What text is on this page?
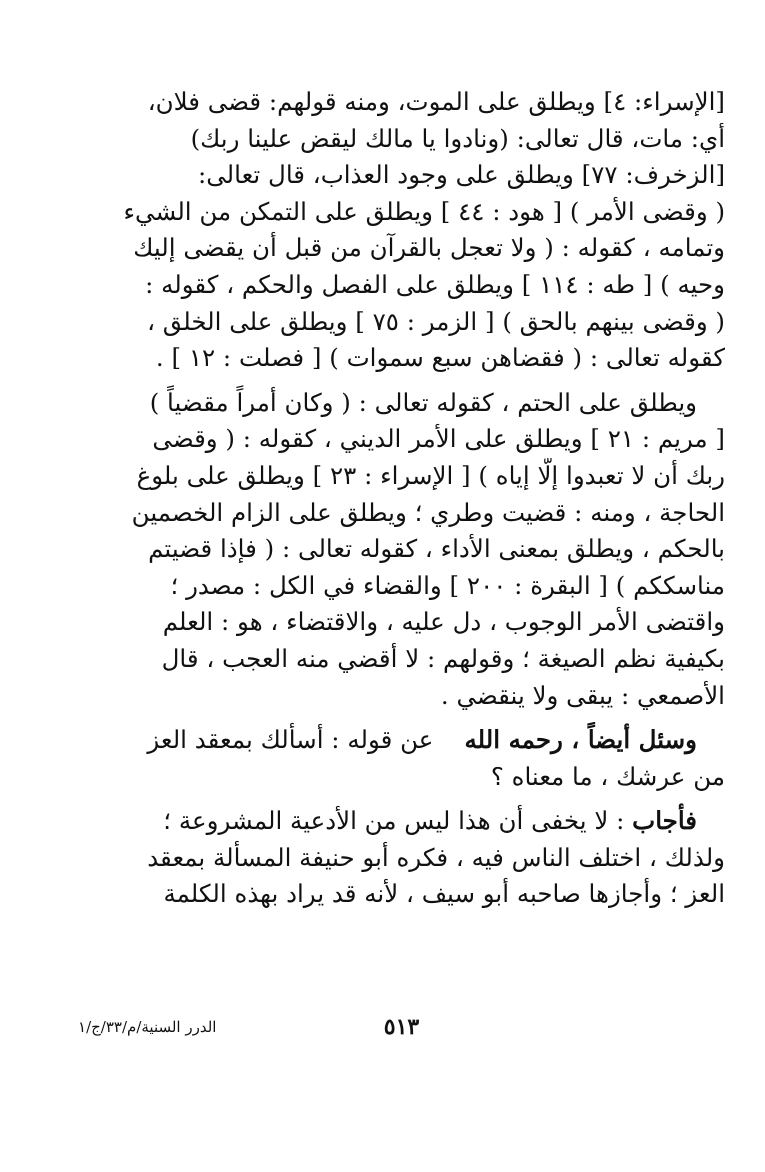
[الإسراء: ٤] ويطلق على الموت، ومنه قولهم: قضى فلان،
أي: مات، قال تعالى: (ونادوا يا مالك ليقض علينا ربك)
[الزخرف: ٧٧] ويطلق على وجود العذاب، قال تعالى:
( وقضى الأمر ) [ هود : ٤٤ ] ويطلق على التمكن من الشيء
وتمامه ، كقوله : ( ولا تعجل بالقرآن من قبل أن يقضى إليك
وحيه ) [ طه : ١١٤ ] ويطلق على الفصل والحكم ، كقوله :
( وقضى بينهم بالحق ) [ الزمر : ٧٥ ] ويطلق على الخلق ،
كقوله تعالى : ( فقضاهن سبع سموات ) [ فصلت : ١٢ ] .

ويطلق على الحتم ، كقوله تعالى : ( وكان أمراً مقضياً )
[ مريم : ٢١ ] ويطلق على الأمر الديني ، كقوله : ( وقضى
ربك أن لا تعبدوا إلّا إياه ) [ الإسراء : ٢٣ ] ويطلق على بلوغ
الحاجة ، ومنه : قضيت وطري ؛ ويطلق على الزام الخصمين
بالحكم ، ويطلق بمعنى الأداء ، كقوله تعالى : ( فإذا قضيتم
مناسككم ) [ البقرة : ٢٠٠ ] والقضاء في الكل : مصدر ؛
واقتضى الأمر الوجوب ، دل عليه ، والاقتضاء ، هو : العلم
بكيفية نظم الصيغة ؛ وقولهم : لا أقضي منه العجب ، قال
الأصمعي : يبقى ولا ينقضي .

وسئل أيضاً ، رحمه الله    عن قوله : أسألك بمعقد العز
من عرشك ، ما معناه ؟

فأجاب : لا يخفى أن هذا ليس من الأدعية المشروعة ؛
ولذلك ، اختلف الناس فيه ، فكره أبو حنيفة المسألة بمعقد
العز ؛ وأجازها صاحبه أبو سيف ، لأنه قد يراد بهذه الكلمة

٥١٣
الدرر السنية/م/٣٣/ج/١
